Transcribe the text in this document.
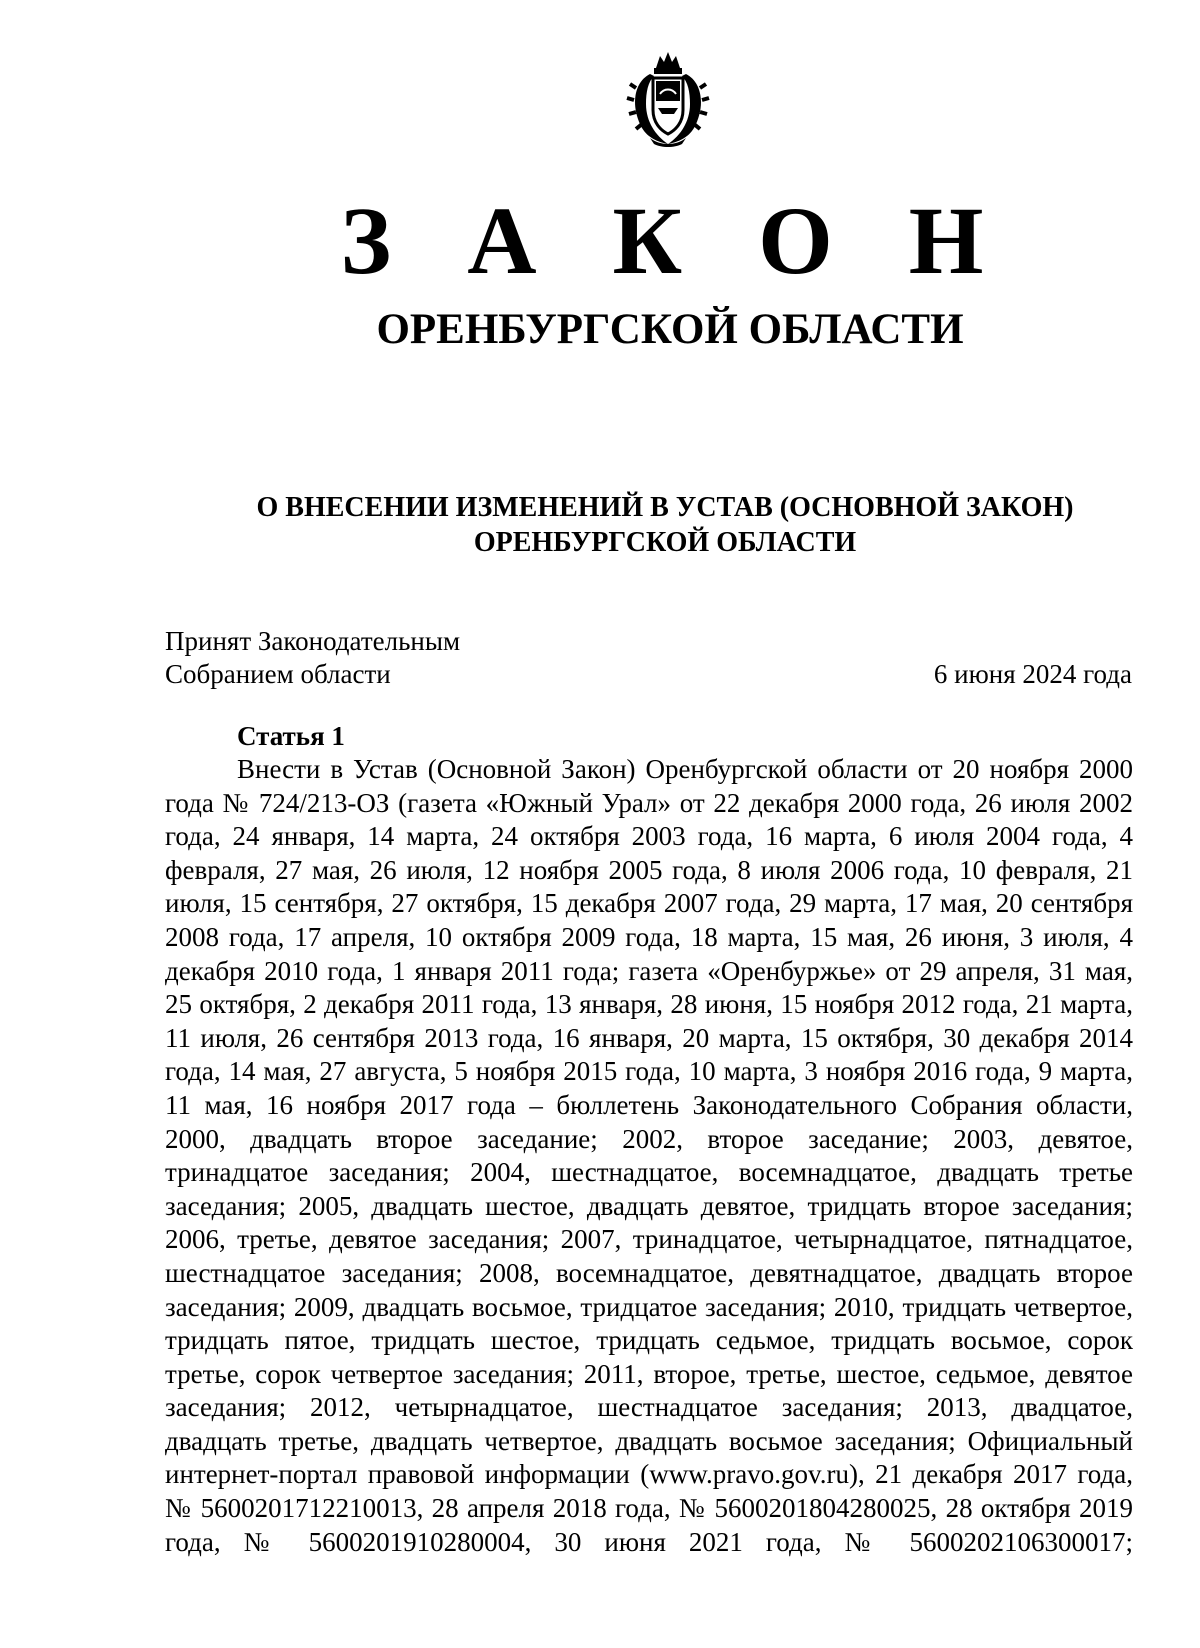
З А К О Н
ОРЕНБУРГСКОЙ ОБЛАСТИ
О ВНЕСЕНИИ ИЗМЕНЕНИЙ В УСТАВ (ОСНОВНОЙ ЗАКОН)
ОРЕНБУРГСКОЙ ОБЛАСТИ
Принят Законодательным
Собранием области	6 июня 2024 года
Статья 1

Внести в Устав (Основной Закон) Оренбургской области от 20 ноября 2000 года № 724/213-ОЗ (газета «Южный Урал» от 22 декабря 2000 года, 26 июля 2002 года, 24 января, 14 марта, 24 октября 2003 года, 16 марта, 6 июля 2004 года, 4 февраля, 27 мая, 26 июля, 12 ноября 2005 года, 8 июля 2006 года, 10 февраля, 21 июля, 15 сентября, 27 октября, 15 декабря 2007 года, 29 марта, 17 мая, 20 сентября 2008 года, 17 апреля, 10 октября 2009 года, 18 марта, 15 мая, 26 июня, 3 июля, 4 декабря 2010 года, 1 января 2011 года; газета «Оренбуржье» от 29 апреля, 31 мая, 25 октября, 2 декабря 2011 года, 13 января, 28 июня, 15 ноября 2012 года, 21 марта, 11 июля, 26 сентября 2013 года, 16 января, 20 марта, 15 октября, 30 декабря 2014 года, 14 мая, 27 августа, 5 ноября 2015 года, 10 марта, 3 ноября 2016 года, 9 марта, 11 мая, 16 ноября 2017 года – бюллетень Законодательного Собрания области, 2000, двадцать второе заседание; 2002, второе заседание; 2003, девятое, тринадцатое заседания; 2004, шестнадцатое, восемнадцатое, двадцать третье заседания; 2005, двадцать шестое, двадцать девятое, тридцать второе заседания; 2006, третье, девятое заседания; 2007, тринадцатое, четырнадцатое, пятнадцатое, шестнадцатое заседания; 2008, восемнадцатое, девятнадцатое, двадцать второе заседания; 2009, двадцать восьмое, тридцатое заседания; 2010, тридцать четвертое, тридцать пятое, тридцать шестое, тридцать седьмое, тридцать восьмое, сорок третье, сорок четвертое заседания; 2011, второе, третье, шестое, седьмое, девятое заседания; 2012, четырнадцатое, шестнадцатое заседания; 2013, двадцатое, двадцать третье, двадцать четвертое, двадцать восьмое заседания; Официальный интернет-портал правовой информации (www.pravo.gov.ru), 21 декабря 2017 года, № 5600201712210013, 28 апреля 2018 года, № 5600201804280025, 28 октября 2019 года, № 5600201910280004, 30 июня 2021 года, № 5600202106300017;
